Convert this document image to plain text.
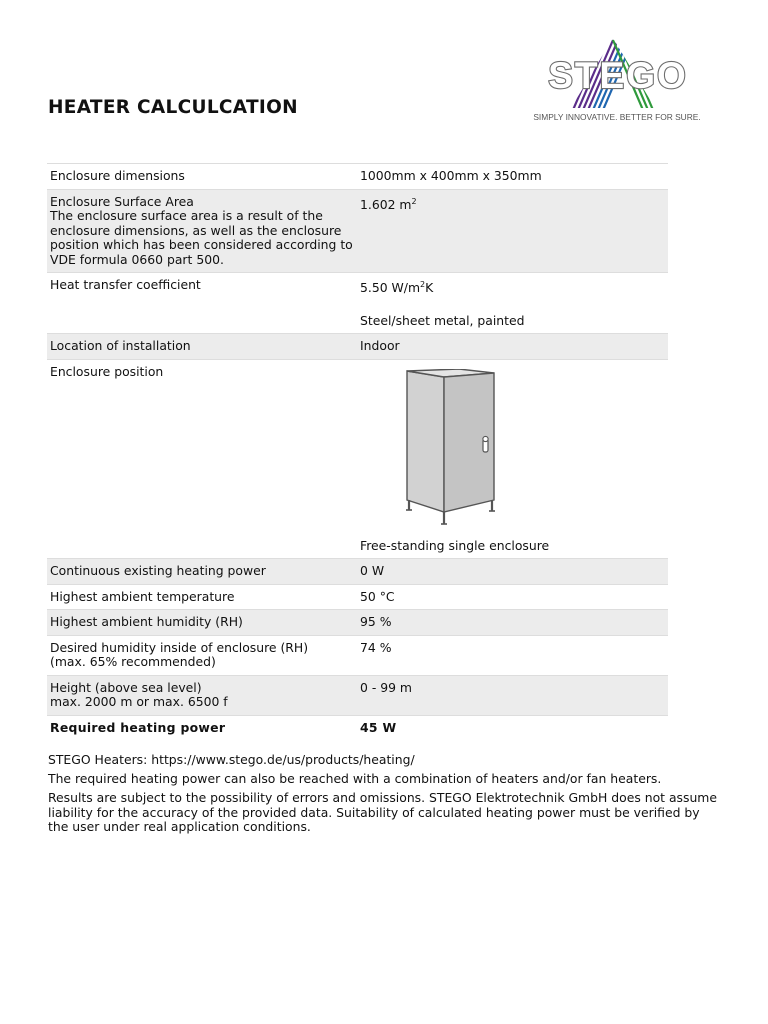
STEGO
SIMPLY INNOVATIVE. BETTER FOR SURE.
HEATER CALCULCATION
Enclosure dimensions	1000mm x 400mm x 350mm

Enclosure Surface Area
The enclosure surface area is a result of the enclosure dimensions, as well as the enclosure position which has been considered according to VDE formula 0660 part 500.	1.602 $m^2$
Heat transfer coefficient	5.50 $W/m^2K$
Steel/sheet metal, painted

Location of installation	Indoor
Enclosure position	Free-standing single enclosure
Continuous existing heating power	0 W
Highest ambient temperature	50 °C
Highest ambient humidity (RH)	95 %

Desired humidity inside of enclosure (RH)
(max. 65% recommended)	74 %

Height (above sea level)
max. 2000 m or max. 6500 f	0 - 99 m
Required heating power	45 W

STEGO Heaters: https://www.stego.de/us/products/heating/

The required heating power can also be reached with a combination of heaters and/or fan heaters.

Results are subject to the possibility of errors and omissions. STEGO Elektrotechnik GmbH does not assume liability for the accuracy of the provided data. Suitability of calculated heating power must be verified by the user under real application conditions.
